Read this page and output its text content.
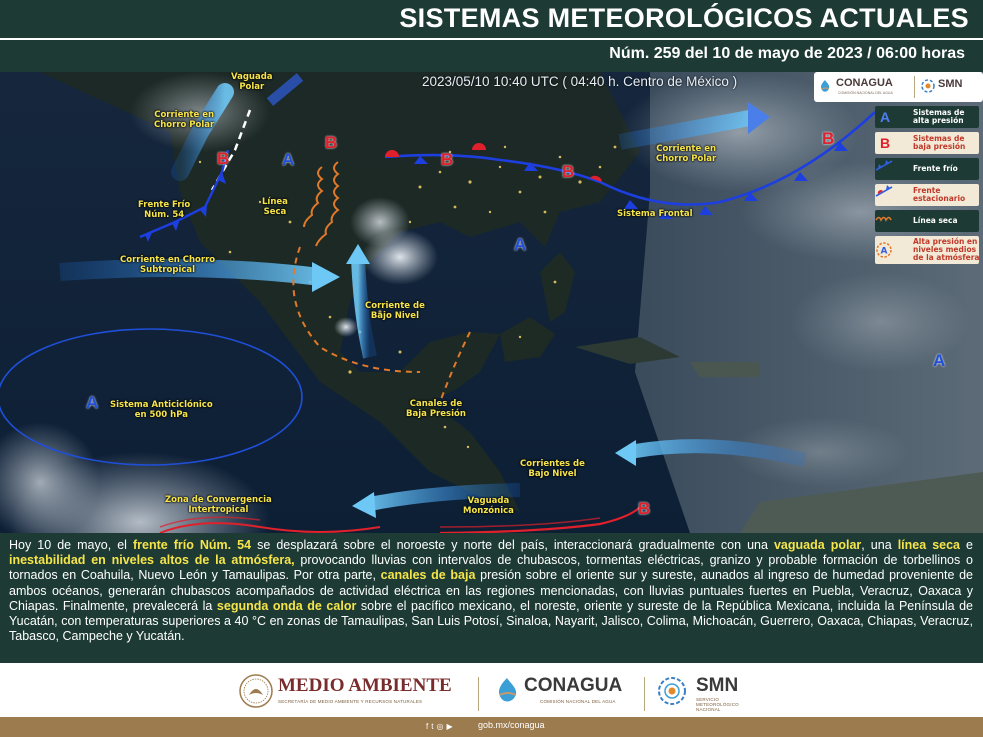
SISTEMAS METEOROLÓGICOS ACTUALES
Núm. 259 del 10 de mayo de 2023 / 06:00 horas
2023/05/10 10:40 UTC ( 04:40 h. Centro de México )
A
A
A
A
B
B
B
B
B
B
Vaguada
Polar
Corriente en
Chorro Polar
Frente Frío
Núm. 54
Línea
Seca
Corriente en Chorro
Subtropical
Corriente de
Bajo Nivel
Sistema Anticiclónico
en 500 hPa
Canales de
Baja Presión
Corrientes de
Bajo Nivel
Vaguada
Monzónica
Zona de Convergencia
Intertropical
Corriente en
Chorro Polar
Sistema Frontal
CONAGUA
COMISIÓN NACIONAL DEL AGUA
SMN
A	Sistemas de
alta presión
B	Sistemas de
baja presión
Frente frío
Frente
estacionario
Línea seca
A
Alta presión en
niveles medios
de la atmósfera
Hoy 10 de mayo, el frente frío Núm. 54 se desplazará sobre el noroeste y norte del país, interaccionará gradualmente con una vaguada polar, una línea seca e inestabilidad en niveles altos de la atmósfera, provocando lluvias con intervalos de chubascos, tormentas eléctricas, granizo y probable formación de torbellinos o tornados en Coahuila, Nuevo León y Tamaulipas. Por otra parte, canales de baja presión sobre el oriente sur y sureste, aunados al ingreso de humedad proveniente de ambos océanos, generarán chubascos acompañados de actividad eléctrica en las regiones mencionadas, con lluvias puntuales fuertes en Puebla, Veracruz, Oaxaca y Chiapas. Finalmente, prevalecerá la segunda onda de calor sobre el pacífico mexicano, el noreste, oriente y sureste de la República Mexicana, incluida la Península de Yucatán, con temperaturas superiores a 40 °C en zonas de Tamaulipas, San Luis Potosí, Sinaloa, Nayarit, Jalisco, Colima, Michoacán, Guerrero, Oaxaca, Chiapas, Veracruz, Tabasco, Campeche y Yucatán.
MEDIO AMBIENTE
SECRETARÍA DE MEDIO AMBIENTE Y RECURSOS NATURALES
CONAGUA
COMISIÓN NACIONAL DEL AGUA
SMN
SERVICIO
METEOROLÓGICO
NACIONAL
ft◎▶ gob.mx/conagua
